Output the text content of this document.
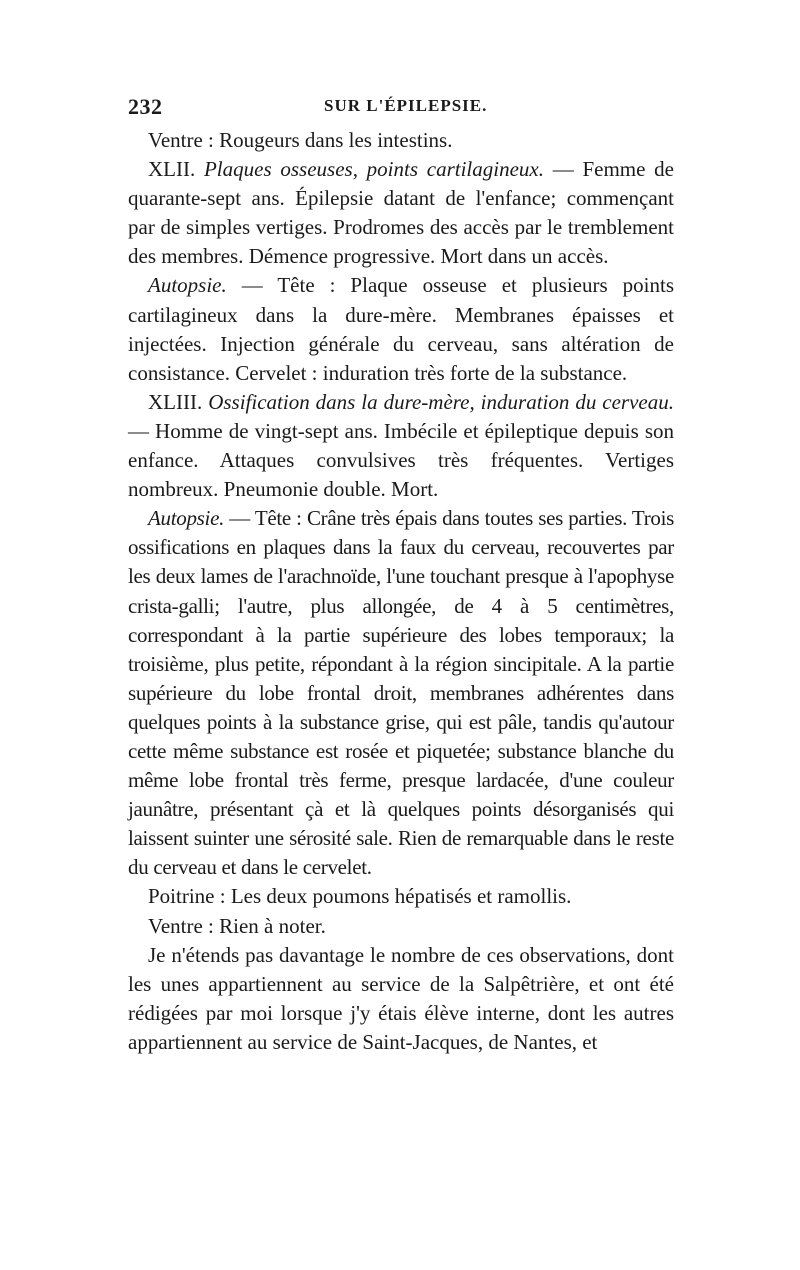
232	SUR L'ÉPILEPSIE.

Ventre : Rougeurs dans les intestins.

XLII. Plaques osseuses, points cartilagineux. — Femme de quarante-sept ans. Épilepsie datant de l'enfance; commençant par de simples vertiges. Prodromes des accès par le tremblement des membres. Démence progressive. Mort dans un accès.

Autopsie. — Tête : Plaque osseuse et plusieurs points cartilagineux dans la dure-mère. Membranes épaisses et injectées. Injection générale du cerveau, sans altération de consistance. Cervelet : induration très forte de la substance.

XLIII. Ossification dans la dure-mère, induration du cerveau. — Homme de vingt-sept ans. Imbécile et épileptique depuis son enfance. Attaques convulsives très fréquentes. Vertiges nombreux. Pneumonie double. Mort.

Autopsie. — Tête : Crâne très épais dans toutes ses parties. Trois ossifications en plaques dans la faux du cerveau, recouvertes par les deux lames de l'arachnoïde, l'une touchant presque à l'apophyse crista-galli; l'autre, plus allongée, de 4 à 5 centimètres, correspondant à la partie supérieure des lobes temporaux; la troisième, plus petite, répondant à la région sincipitale. A la partie supérieure du lobe frontal droit, membranes adhérentes dans quelques points à la substance grise, qui est pâle, tandis qu'autour cette même substance est rosée et piquetée; substance blanche du même lobe frontal très ferme, presque lardacée, d'une couleur jaunâtre, présentant çà et là quelques points désorganisés qui laissent suinter une sérosité sale. Rien de remarquable dans le reste du cerveau et dans le cervelet.

Poitrine : Les deux poumons hépatisés et ramollis.

Ventre : Rien à noter.

Je n'étends pas davantage le nombre de ces observations, dont les unes appartiennent au service de la Salpêtrière, et ont été rédigées par moi lorsque j'y étais élève interne, dont les autres appartiennent au service de Saint-Jacques, de Nantes, et
